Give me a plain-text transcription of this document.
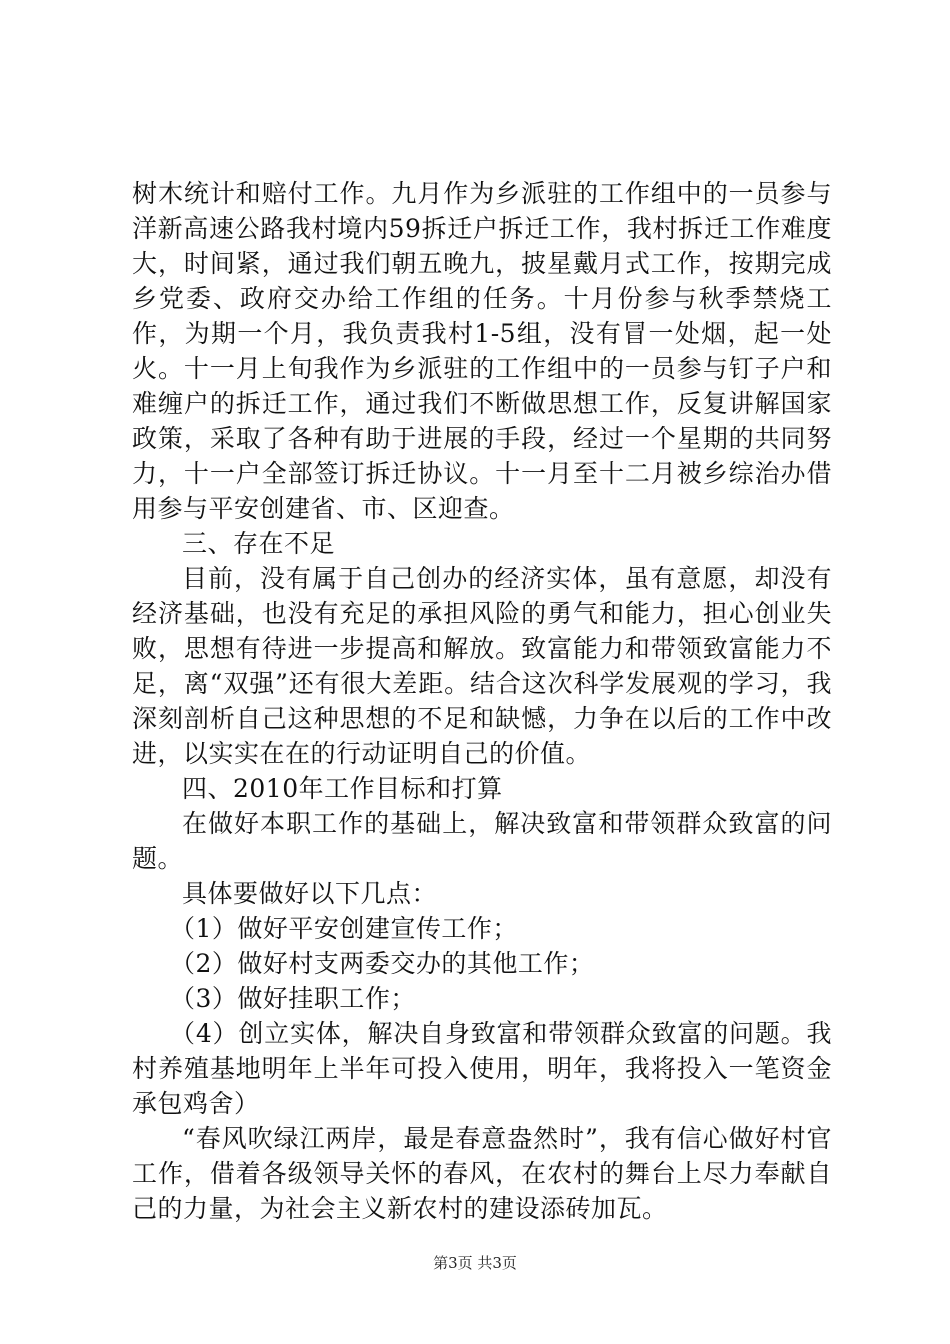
树木统计和赔付工作。九月作为乡派驻的工作组中的一员参与洋新高速公路我村境内59拆迁户拆迁工作，我村拆迁工作难度大，时间紧，通过我们朝五晚九，披星戴月式工作，按期完成乡党委、政府交办给工作组的任务。十月份参与秋季禁烧工作，为期一个月，我负责我村1-5组，没有冒一处烟，起一处火。十一月上旬我作为乡派驻的工作组中的一员参与钉子户和难缠户的拆迁工作，通过我们不断做思想工作，反复讲解国家政策，采取了各种有助于进展的手段，经过一个星期的共同努力，十一户全部签订拆迁协议。十一月至十二月被乡综治办借用参与平安创建省、市、区迎查。

三、存在不足

目前，没有属于自己创办的经济实体，虽有意愿，却没有经济基础，也没有充足的承担风险的勇气和能力，担心创业失败，思想有待进一步提高和解放。致富能力和带领致富能力不足，离“双强”还有很大差距。结合这次科学发展观的学习，我深刻剖析自己这种思想的不足和缺憾，力争在以后的工作中改进，以实实在在的行动证明自己的价值。

四、2010年工作目标和打算

在做好本职工作的基础上，解决致富和带领群众致富的问题。

具体要做好以下几点：

（1）做好平安创建宣传工作；

（2）做好村支两委交办的其他工作；

（3）做好挂职工作；

（4）创立实体，解决自身致富和带领群众致富的问题。我村养殖基地明年上半年可投入使用，明年，我将投入一笔资金承包鸡舍）

“春风吹绿江两岸，最是春意盎然时”，我有信心做好村官工作，借着各级领导关怀的春风，在农村的舞台上尽力奉献自己的力量，为社会主义新农村的建设添砖加瓦。

第3页 共3页
